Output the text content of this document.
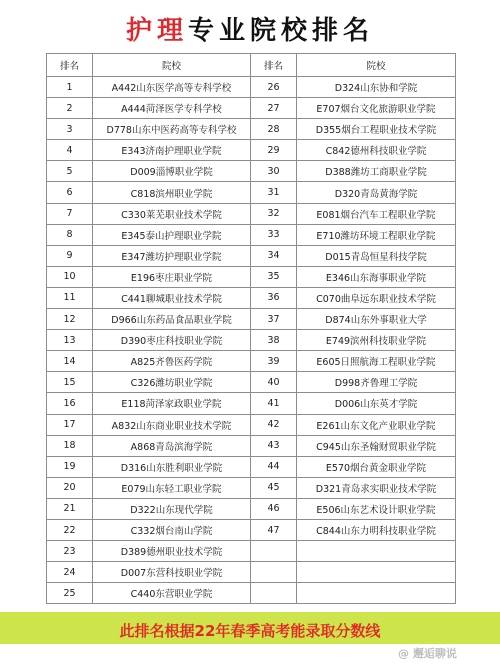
护理专业院校排名
排名	院校	排名	院校
1	A442山东医学高等专科学校	26	D324山东协和学院
2	A444菏泽医学专科学校	27	E707烟台文化旅游职业学院
3	D778山东中医药高等专科学校	28	D355烟台工程职业技术学院
4	E343济南护理职业学院	29	C842德州科技职业学院
5	D009淄博职业学院	30	D388潍坊工商职业学院
6	C818滨州职业学院	31	D320青岛黄海学院
7	C330莱芜职业技术学院	32	E081烟台汽车工程职业学院
8	E345泰山护理职业学院	33	E710潍坊环境工程职业学院
9	E347潍坊护理职业学院	34	D015青岛恒星科技学院
10	E196枣庄职业学院	35	E346山东海事职业学院
11	C441聊城职业技术学院	36	C070曲阜远东职业技术学院
12	D966山东药品食品职业学院	37	D874山东外事职业大学
13	D390枣庄科技职业学院	38	E749滨州科技职业学院
14	A825齐鲁医药学院	39	E605日照航海工程职业学院
15	C326潍坊职业学院	40	D998齐鲁理工学院
16	E118菏泽家政职业学院	41	D006山东英才学院
17	A832山东商业职业技术学院	42	E261山东文化产业职业学院
18	A868青岛滨海学院	43	C945山东圣翰财贸职业学院
19	D316山东胜利职业学院	44	E570烟台黄金职业学院
20	E079山东轻工职业学院	45	D321青岛求实职业技术学院
21	D322山东现代学院	46	E506山东艺术设计职业学院
22	C332烟台南山学院	47	C844山东力明科技职业学院
23	D389德州职业技术学院		
24	D007东营科技职业学院		
25	C440东营职业学院		
此排名根据22年春季高考能录取分数线
@ 邂逅聊说
